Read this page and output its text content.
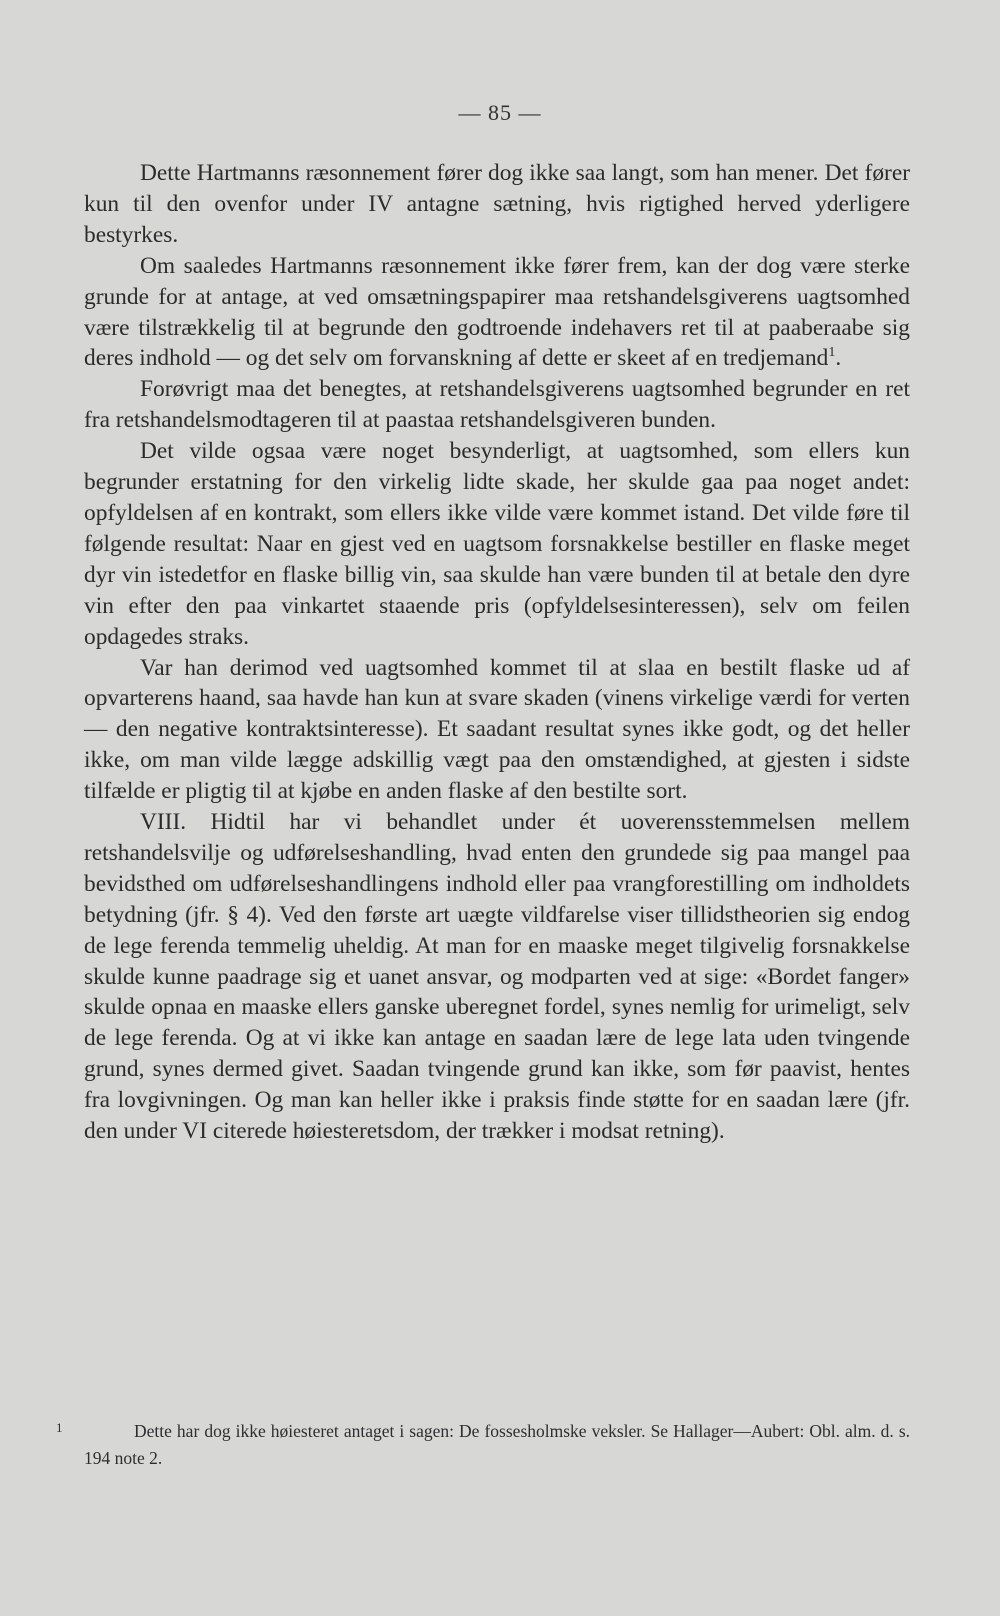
— 85 —

Dette Hartmanns ræsonnement fører dog ikke saa langt, som han mener. Det fører kun til den ovenfor under IV antagne sætning, hvis rigtighed herved yderligere bestyrkes.

Om saaledes Hartmanns ræsonnement ikke fører frem, kan der dog være sterke grunde for at antage, at ved omsætningspapirer maa retshandelsgiverens uagtsomhed være tilstrækkelig til at begrunde den godtroende indehavers ret til at paaberaabe sig deres indhold — og det selv om forvanskning af dette er skeet af en tredjemand$^1$.

Forøvrigt maa det benegtes, at retshandelsgiverens uagtsomhed begrunder en ret fra retshandelsmodtageren til at paastaa retshandelsgiveren bunden.

Det vilde ogsaa være noget besynderligt, at uagtsomhed, som ellers kun begrunder erstatning for den virkelig lidte skade, her skulde gaa paa noget andet: opfyldelsen af en kontrakt, som ellers ikke vilde være kommet istand. Det vilde føre til følgende resultat: Naar en gjest ved en uagtsom forsnakkelse bestiller en flaske meget dyr vin istedetfor en flaske billig vin, saa skulde han være bunden til at betale den dyre vin efter den paa vinkartet staaende pris (opfyldelsesinteressen), selv om feilen opdagedes straks.

Var han derimod ved uagtsomhed kommet til at slaa en bestilt flaske ud af opvarterens haand, saa havde han kun at svare skaden (vinens virkelige værdi for verten — den negative kontraktsinteresse). Et saadant resultat synes ikke godt, og det heller ikke, om man vilde lægge adskillig vægt paa den omstændighed, at gjesten i sidste tilfælde er pligtig til at kjøbe en anden flaske af den bestilte sort.

VIII. Hidtil har vi behandlet under ét uoverensstemmelsen mellem retshandelsvilje og udførelseshandling, hvad enten den grundede sig paa mangel paa bevidsthed om udførelseshandlingens indhold eller paa vrangforestilling om indholdets betydning (jfr. § 4). Ved den første art uægte vildfarelse viser tillidstheorien sig endog de lege ferenda temmelig uheldig. At man for en maaske meget tilgivelig forsnakkelse skulde kunne paadrage sig et uanet ansvar, og modparten ved at sige: «Bordet fanger» skulde opnaa en maaske ellers ganske uberegnet fordel, synes nemlig for urimeligt, selv de lege ferenda. Og at vi ikke kan antage en saadan lære de lege lata uden tvingende grund, synes dermed givet. Saadan tvingende grund kan ikke, som før paavist, hentes fra lovgivningen. Og man kan heller ikke i praksis finde støtte for en saadan lære (jfr. den under VI citerede høiesteretsdom, der trækker i modsat retning).

1	Dette har dog ikke høiesteret antaget i sagen: De fossesholmske veksler. Se Hallager—Aubert: Obl. alm. d. s. 194 note 2.
